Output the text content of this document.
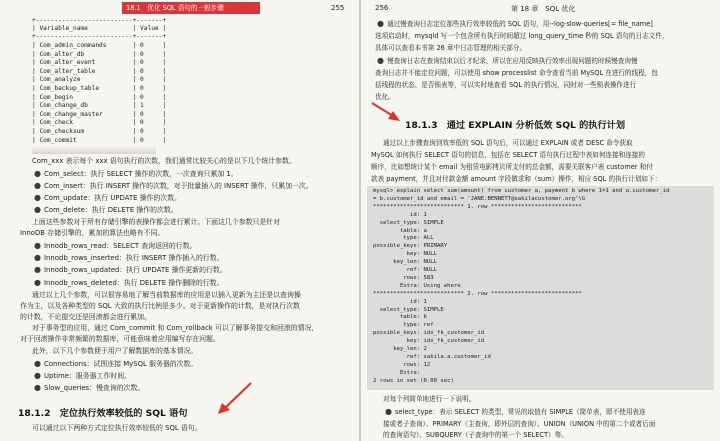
18.1　优化 SQL 语句的一般步骤	255
+--------------------------+-------+
| Variable_name            | Value |
+--------------------------+-------+
| Com_admin_commands       | 0     |
| Com_alter_db             | 0     |
| Com_alter_event          | 0     |
| Com_alter_table          | 0     |
| Com_analyze              | 0     |
| Com_backup_table         | 0     |
| Com_begin                | 0     |
| Com_change_db            | 1     |
| Com_change_master        | 0     |
| Com_check                | 0     |
| Com_checksum             | 0     |
| Com_commit               | 0     |
Com_xxx 表示每个 xxx 语句执行的次数，我们通常比较关心的是以下几个统计参数。
● Com_select：执行 SELECT 操作的次数，一次查询只累加 1。
● Com_insert：执行 INSERT 操作的次数，对于批量插入的 INSERT 操作，只累加一次。
● Com_update：执行 UPDATE 操作的次数。
● Com_delete：执行 DELETE 操作的次数。
上面这些参数对于所有存储引擎的表操作都会进行累计。下面这几个参数只是针对
InnoDB 存储引擎的，累加的算法也略有不同。
● Innodb_rows_read：SELECT 查询返回的行数。
● Innodb_rows_inserted：执行 INSERT 操作插入的行数。
● Innodb_rows_updated：执行 UPDATE 操作更新的行数。
● Innodb_rows_deleted：执行 DELETE 操作删除的行数。
通过以上几个参数，可以很容易地了解当前数据库的应用是以插入更新为主还是以查询操
作为主，以及各种类型的 SQL 大致的执行比例是多少。对于更新操作的计数，是对执行次数
的计数，不论提交还是回滚都会进行累加。
对于事务型的应用，通过 Com_commit 和 Com_rollback 可以了解事务提交和回滚的情况，
对于回滚操作非常频繁的数据库，可能意味着应用编写存在问题。
此外，以下几个参数便于用户了解数据库的基本情况。
● Connections：试图连接 MySQL 服务器的次数。
● Uptime：服务器工作时间。
● Slow_queries：慢查询的次数。
18.1.2　定位执行效率较低的 SQL 语句
可以通过以下两种方式定位执行效率较低的 SQL 语句。
256	第 18 章　SQL 优化
● 通过慢查询日志定位那些执行效率较低的 SQL 语句，用--log-slow-queries[= file_name]
选项启动时，mysqld 写一个包含所有执行时间超过 long_query_time 秒的 SQL 语句的日志文件，
具体可以查看本书第 26 章中日志管理的相关部分。
● 慢查询日志在查询结束以后才纪录，所以在应用反映执行效率出现问题的时候慢查询慢
查询日志并不能定位问题，可以使用 show processlist 命令查看当前 MySQL 在进行的线程，包
括线程的状态、是否锁表等，可以实时地查看 SQL 的执行情况，同时对一些锁表操作进行
优化。
18.1.3　通过 EXPLAIN 分析低效 SQL 的执行计划
通过以上步骤查询到效率低的 SQL 语句后，可以通过 EXPLAIN 或者 DESC 命令获取
MySQL 如何执行 SELECT 语句的信息，包括在 SELECT 语句执行过程中表如何连接和连接的
顺序，比如想统计某个 email 为租赁电影拷贝所支付的总金额，需要关联客户表 customer 和付
款表 payment，并且对付款金额 amount 字段做求和（sum）操作，相应 SQL 的执行计划如下：
mysql> explain select sum(amount) from customer a, payment b where 1=1 and a.customer_id
= b.customer_id and email = 'JANE.BENNETT@sakilacustomer.org'\G
*************************** 1. row ***************************
id: 1
select_type: SIMPLE
table: a
type: ALL
possible_keys: PRIMARY
key: NULL
key_len: NULL
ref: NULL
rows: 583
Extra: Using where
*************************** 2. row ***************************
id: 1
select_type: SIMPLE
table: b
type: ref
possible_keys: idx_fk_customer_id
key: idx_fk_customer_id
key_len: 2
ref: sakila.a.customer_id
rows: 12
Extra:
2 rows in set (0.00 sec)
对每个列简单地进行一下说明。
● select_type：表示 SELECT 的类型，常见的取值有 SIMPLE（简单表，即不使用表连
接或者子查询）、PRIMARY（主查询，即外层的查询）、UNION（UNION 中的第二个或者后面
的查询语句）、SUBQUERY（子查询中的第一个 SELECT）等。
